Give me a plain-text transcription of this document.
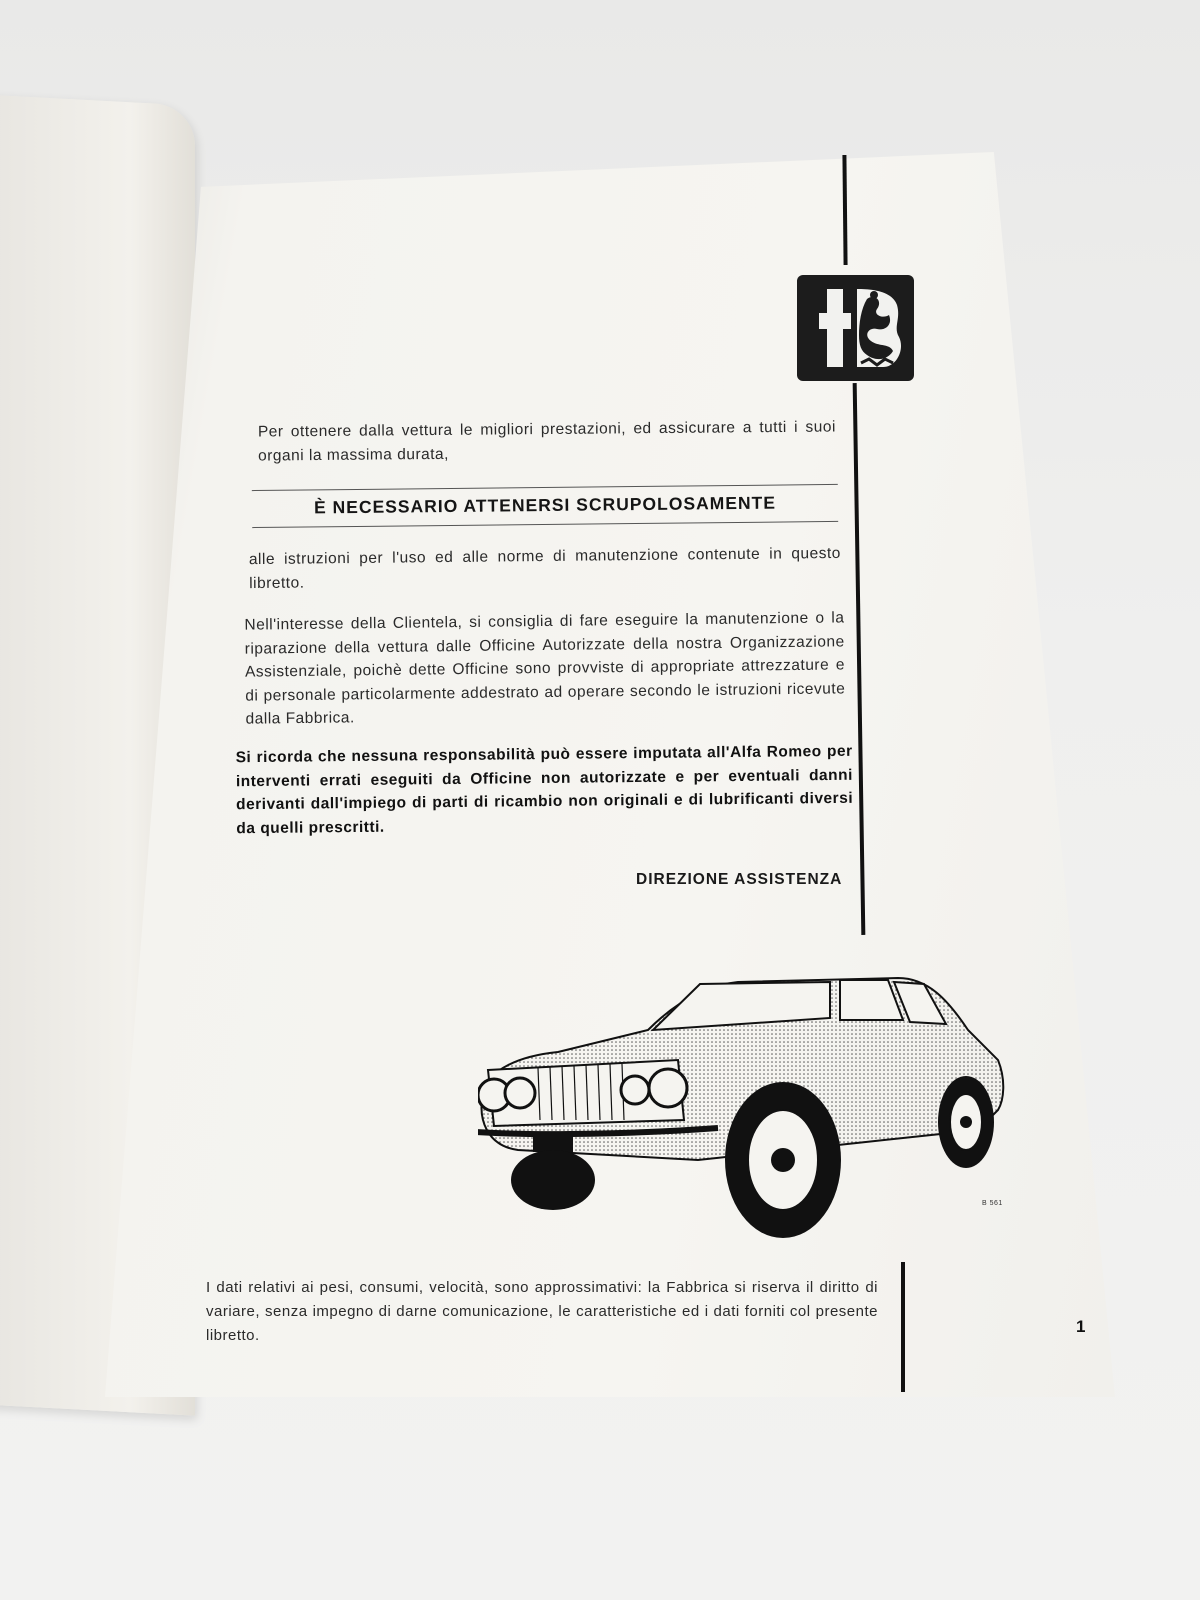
Per ottenere dalla vettura le migliori prestazioni, ed assicurare a tutti i suoi organi la massima durata,
È NECESSARIO ATTENERSI SCRUPOLOSAMENTE
alle istruzioni per l'uso ed alle norme di manutenzione contenute in questo libretto.
Nell'interesse della Clientela, si consiglia di fare eseguire la manutenzione o la riparazione della vettura dalle Officine Autorizzate della nostra Organizzazione Assistenziale, poichè dette Officine sono provviste di appropriate attrezzature e di personale particolarmente addestrato ad operare secondo le istruzioni ricevute dalla Fabbrica.
Si ricorda che nessuna responsabilità può essere imputata all'Alfa Romeo per interventi errati eseguiti da Officine non autorizzate e per eventuali danni derivanti dall'impiego di parti di ricambio non originali e di lubrificanti diversi da quelli prescritti.
DIREZIONE ASSISTENZA
B 561
I dati relativi ai pesi, consumi, velocità, sono approssimativi: la Fabbrica si riserva il diritto di variare, senza impegno di darne comunicazione, le caratteristiche ed i dati forniti col presente libretto.	1
